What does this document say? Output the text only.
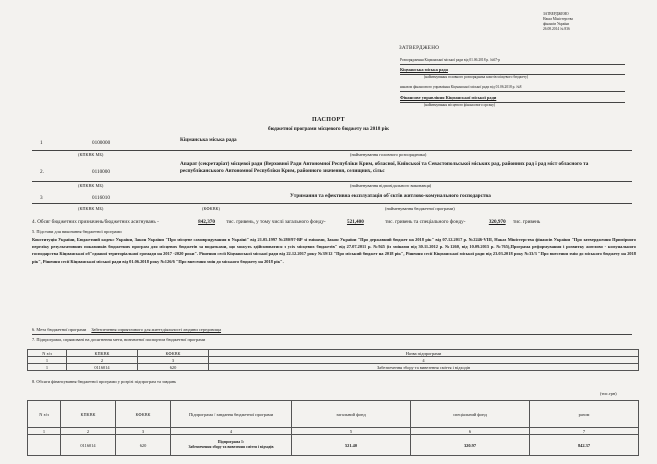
ЗАТВЕРДЖЕНО
Наказ Міністерства
фінансів України
26.08.2014 № 836
ЗАТВЕРДЖЕНО
Розпорядження Кіцманської міської ради від 01.06.2018 р. №67-р
Кіцманська міська рада
(найменування головного розпорядника коштів місцевого бюджету)
наказом фінансового управління Кіцманської міської ради від 01.06.2018 р. №8
Фінансове управління Кіцманської міської ради
(найменування місцевого фінансового органу)
ПАСПОРТ
бюджетної програми місцевого бюджету на 2018 рік
1	0100000	Кіцманська міська рада
(КПКВК МБ)	(найменування головного розпорядника)
2.	0110000
Апарат (секретаріат) місцевої ради (Верховної Ради Автономної Республіки Крим, обласної, Київської та Севастопольської міських рад, районних рад і рад міст обласного та республіканського Автономної Республіки Крим, районного значення, селищних, сільс
(КПКВК МБ)	(найменування відповідального виконавця)
3	0116010	Утримання та ефективна експлуатація об`єктів житлово-комунального господарства
(КПКВК МБ)	(КФКВК)	(найменування бюджетної програми)
4. Обсяг бюджетних призначень/бюджетних асигнувань -	842,370 тис. гривень, у тому числі загального фонду-	521,400	тис. гривень та спеціального фонду-	320,970 тис. гривень
5. Підстави для виконання бюджетної програми
Конституція України, Бюджетний кодекс України, Закон України "Про місцеве самоврядування в Україні" від 21.05.1997 №280/97-ВР зі змінами, Закон України "Про державний бюджет на 2018 рік" від 07.12.2017 р. №2246-VIII, Наказ Міністерства фінансів України "Про затвердження Примірного переліку результативних показників бюджетних програм для місцевих бюджетів за видатками, що можуть здійснюватися з усіх місцевих бюджетів" від 27.07.2011 р. №945 (із змінами від 30.11.2012 р. №1260, від 10.09.2015 р. №765),Програма реформування і розвитку житлово - комунального господарства Кіцманської об"єднаної територіальної громади на 2017 -2020 роки". Рішення сесії Кіцманської міської ради від 22.12.2017 року №39/12 "Про міський бюджет на 2018 рік", Рішення сесії Кіцманської міської ради від 23.03.2018 року №33/3 "Про внесення змін до міського бюджету на 2018 рік", Рішення сесії Кіцманської міської ради від 01.06.2018 року №126/6 "Про внесення змін до міського бюджету на 2018 рік".
6. Мета бюджетної програми Забезпечення сприятливого для життєдіяльності людини середовища
7. Підпрограми, спрямовані на досягнення мети, визначеної паспортом бюджетної програми
N з/п	КПКВК	КФКВК	Назва підпрограми
1	2	3	4
1	0116014	620	Забезпечення збору та вивезення сміття і відходів
8. Обсяги фінансування бюджетної програми у розрізі підпрограм та завдань
(тис.грн)
N з/п	КПКВК	КФКВК	Підпрограма / завдання бюджетної програми	загальний фонд	спеціальний фонд	разом
1	2	3	4	5	6	7
	0116014	620	Підпрограма 1:
Забезпечення збору та вивезення сміття і відходів	521.40	320.97	842.37
